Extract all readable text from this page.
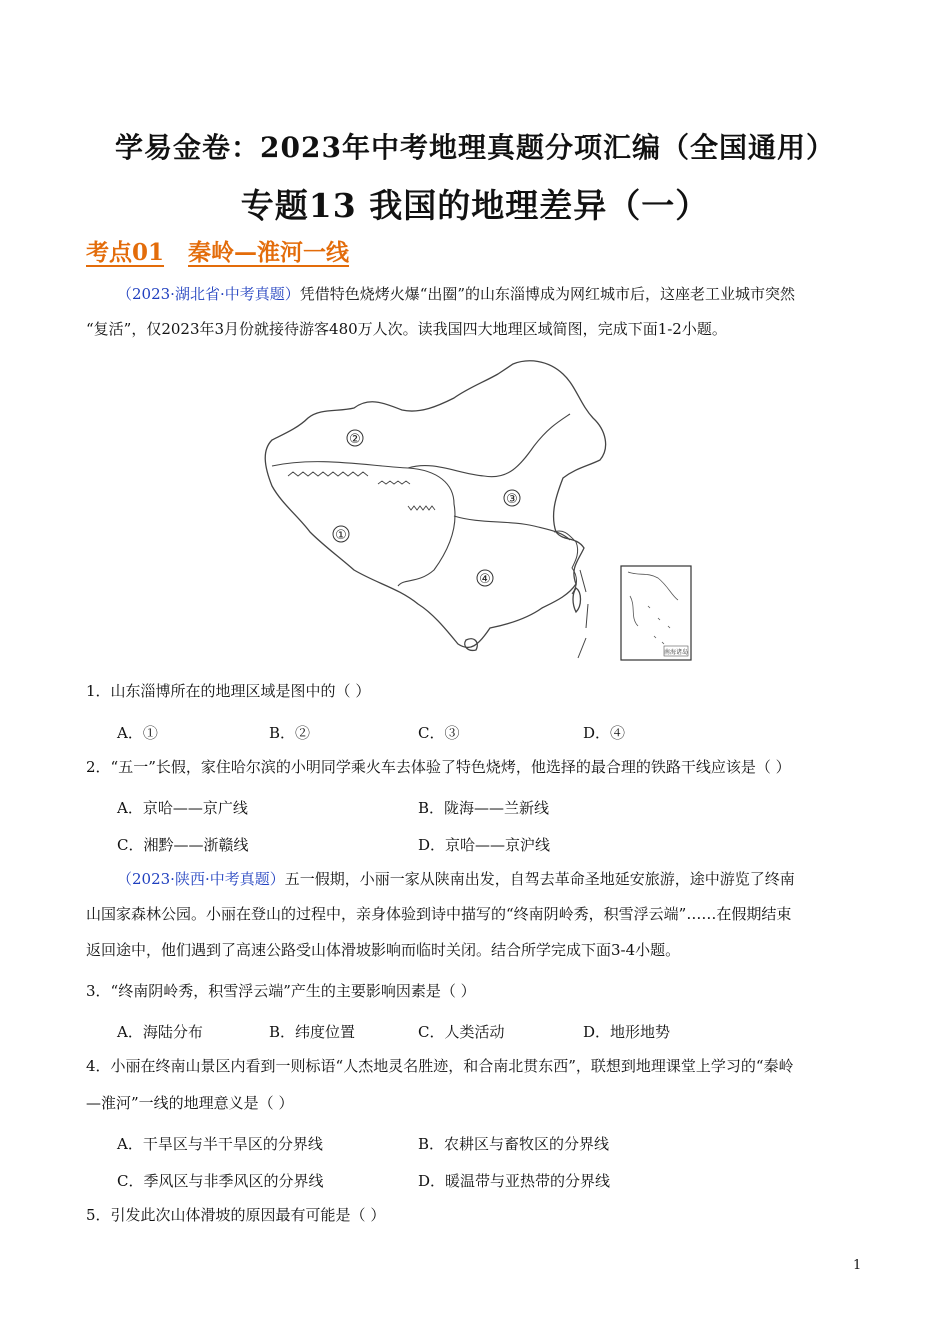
学易金卷：2023年中考地理真题分项汇编（全国通用）
专题13 我国的地理差异（一）
考点01 秦岭—淮河一线
（2023·湖北省·中考真题）凭借特色烧烤火爆“出圈”的山东淄博成为网红城市后，这座老工业城市突然
“复活”，仅2023年3月份就接待游客480万人次。读我国四大地理区域简图，完成下面1-2小题。
②
③
①
④
南海诸岛
1．山东淄博所在的地理区域是图中的（ ）
A．①	B．②	C．③	D．④
2．“五一”长假，家住哈尔滨的小明同学乘火车去体验了特色烧烤，他选择的最合理的铁路干线应该是（ ）
A．京哈——京广线	B．陇海——兰新线
C．湘黔——浙赣线	D．京哈——京沪线
（2023·陕西·中考真题）五一假期，小丽一家从陕南出发，自驾去革命圣地延安旅游，途中游览了终南
山国家森林公园。小丽在登山的过程中，亲身体验到诗中描写的“终南阴岭秀，积雪浮云端”……在假期结束
返回途中，他们遇到了高速公路受山体滑坡影响而临时关闭。结合所学完成下面3-4小题。
3．“终南阴岭秀，积雪浮云端”产生的主要影响因素是（ ）
A．海陆分布	B．纬度位置	C．人类活动	D．地形地势
4．小丽在终南山景区内看到一则标语“人杰地灵名胜迹，和合南北贯东西”，联想到地理课堂上学习的“秦岭
—淮河”一线的地理意义是（ ）
A．干旱区与半干旱区的分界线	B．农耕区与畜牧区的分界线
C．季风区与非季风区的分界线	D．暖温带与亚热带的分界线
5．引发此次山体滑坡的原因最有可能是（ ）
1
